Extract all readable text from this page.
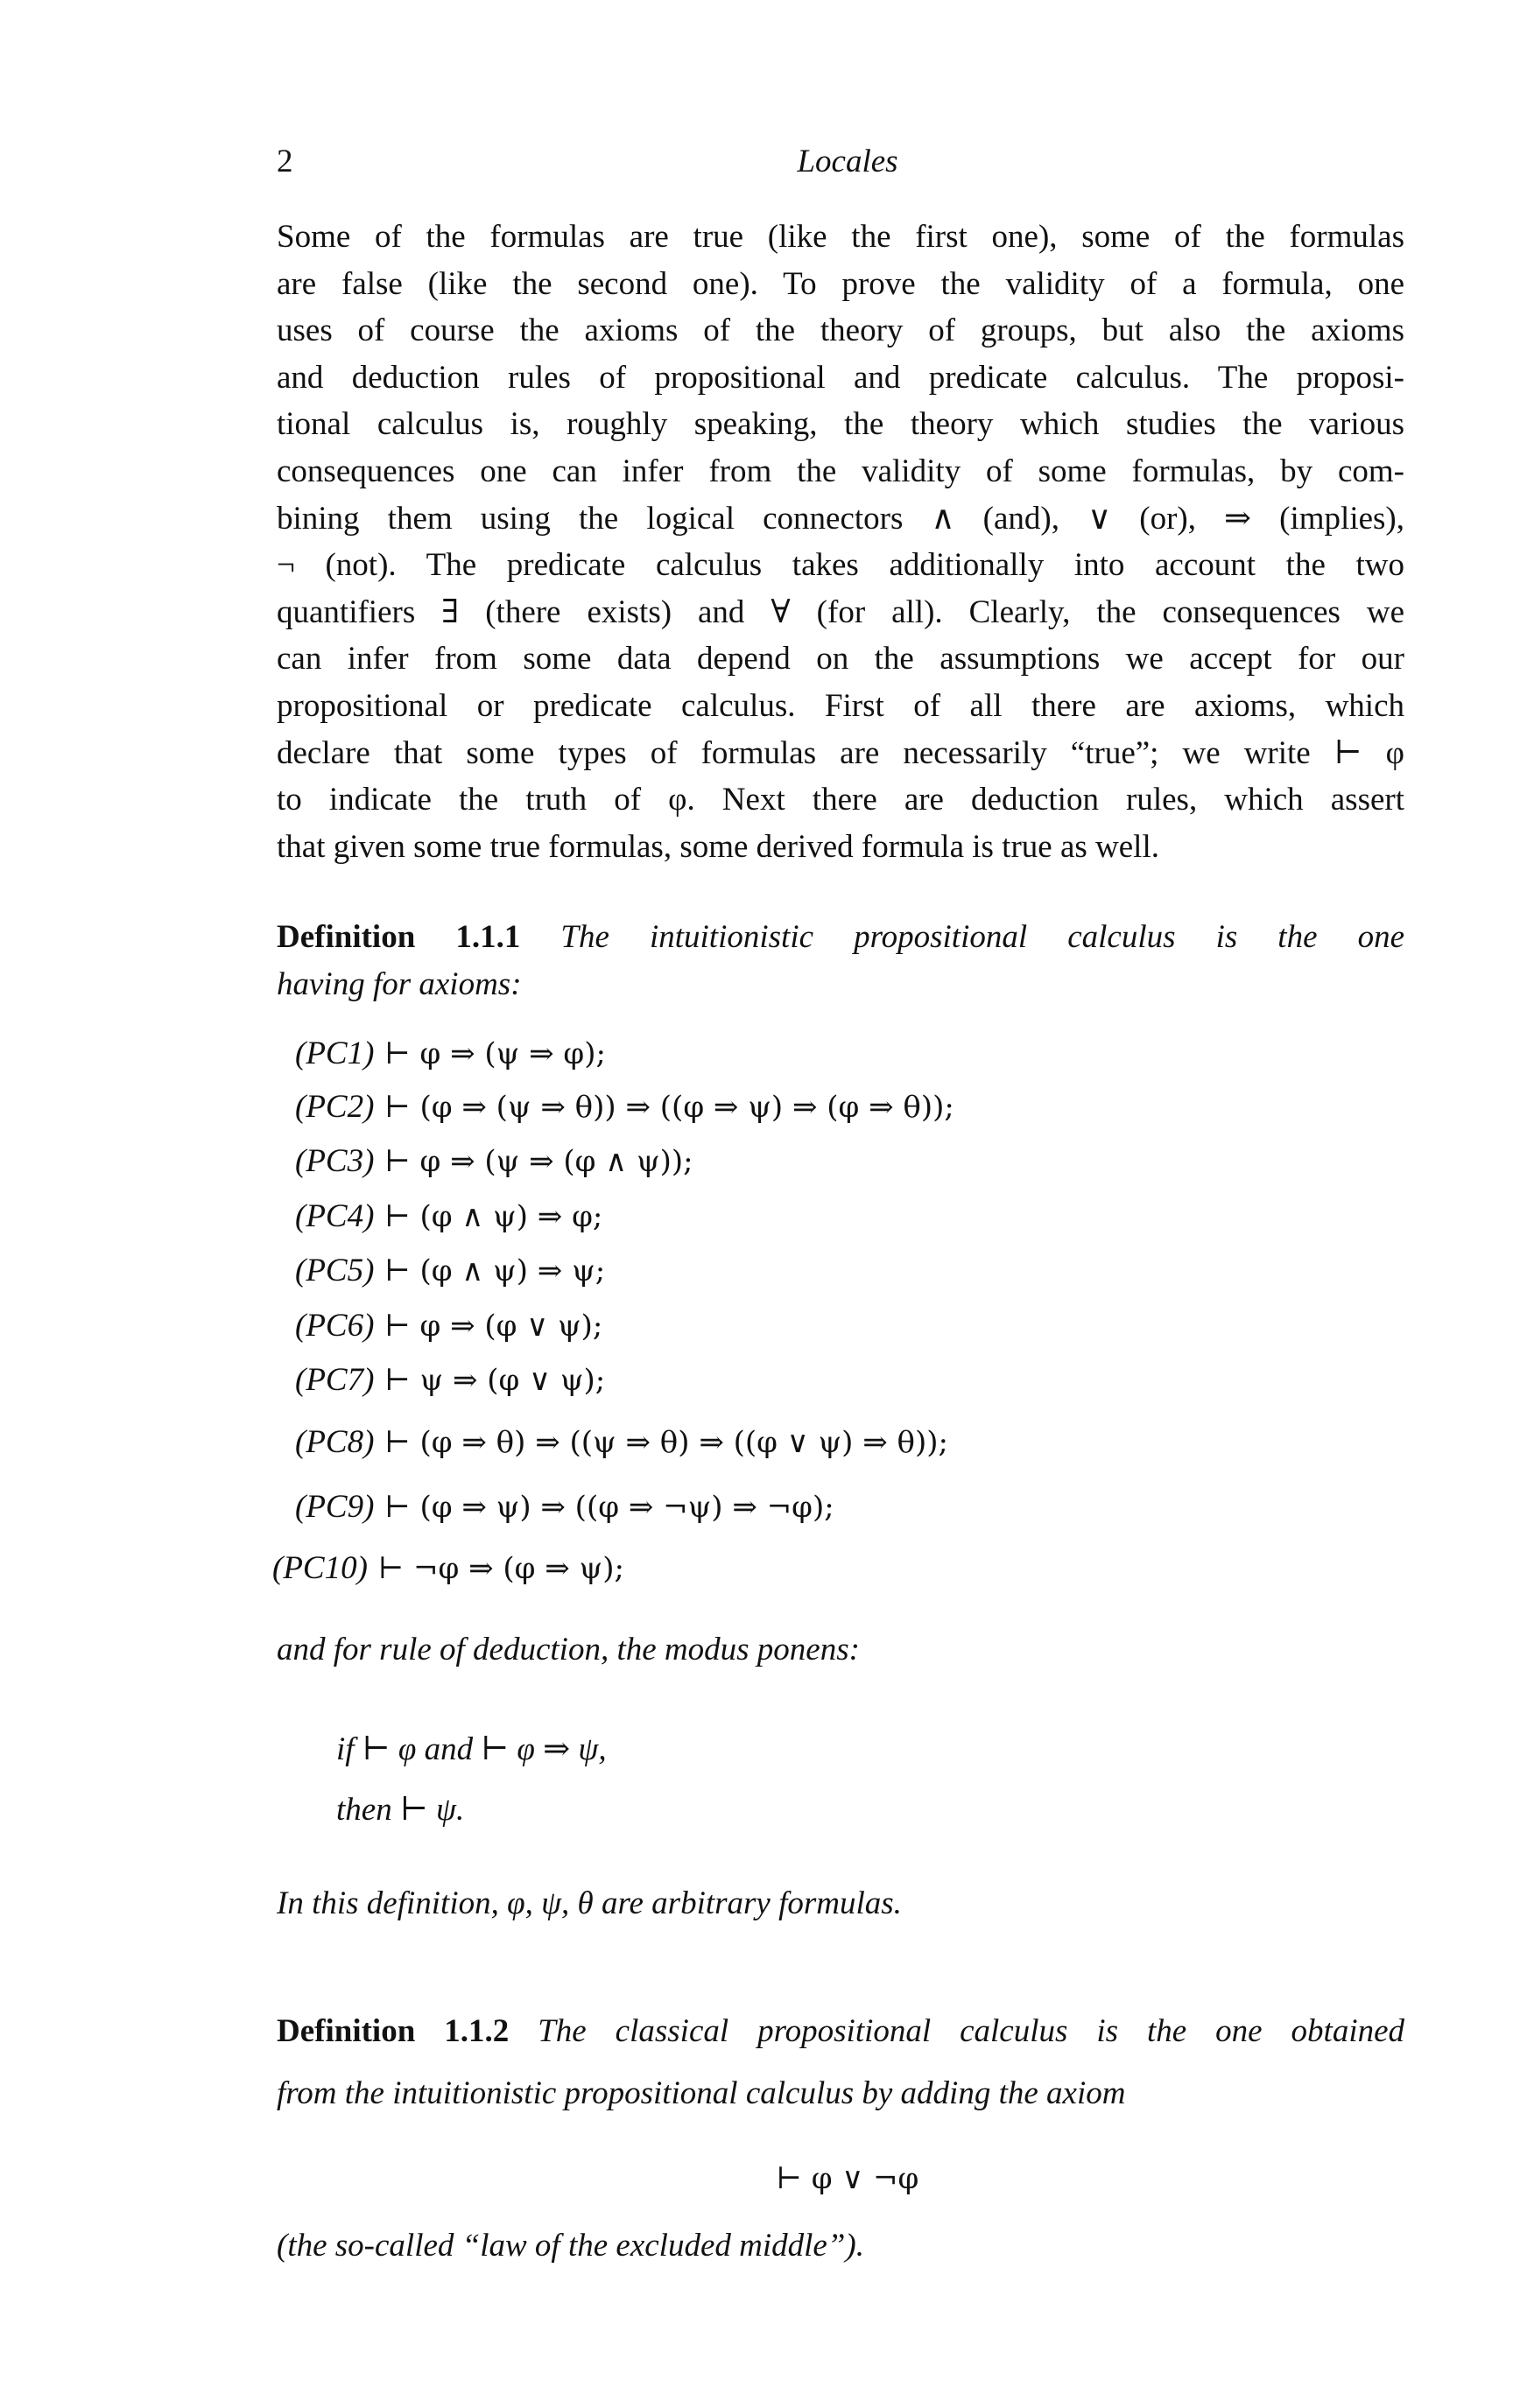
2	Locales
Some of the formulas are true (like the first one), some of the formulas
are false (like the second one). To prove the validity of a formula, one
uses of course the axioms of the theory of groups, but also the axioms
and deduction rules of propositional and predicate calculus. The proposi-
tional calculus is, roughly speaking, the theory which studies the various
consequences one can infer from the validity of some formulas, by com-
bining them using the logical connectors ∧ (and), ∨ (or), ⇒ (implies),
¬ (not). The predicate calculus takes additionally into account the two
quantifiers ∃ (there exists) and ∀ (for all). Clearly, the consequences we
can infer from some data depend on the assumptions we accept for our
propositional or predicate calculus. First of all there are axioms, which
declare that some types of formulas are necessarily “true”; we write ⊢ φ
to indicate the truth of φ. Next there are deduction rules, which assert
that given some true formulas, some derived formula is true as well.
Definition 1.1.1 The intuitionistic propositional calculus is the one
having for axioms:
(PC1) ⊢ φ ⇒ (ψ ⇒ φ);
(PC2) ⊢ (φ ⇒ (ψ ⇒ θ)) ⇒ ((φ ⇒ ψ) ⇒ (φ ⇒ θ));
(PC3) ⊢ φ ⇒ (ψ ⇒ (φ ∧ ψ));
(PC4) ⊢ (φ ∧ ψ) ⇒ φ;
(PC5) ⊢ (φ ∧ ψ) ⇒ ψ;
(PC6) ⊢ φ ⇒ (φ ∨ ψ);
(PC7) ⊢ ψ ⇒ (φ ∨ ψ);
(PC8) ⊢ (φ ⇒ θ) ⇒ ((ψ ⇒ θ) ⇒ ((φ ∨ ψ) ⇒ θ));
(PC9) ⊢ (φ ⇒ ψ) ⇒ ((φ ⇒ ¬ψ) ⇒ ¬φ);
(PC10) ⊢ ¬φ ⇒ (φ ⇒ ψ);
and for rule of deduction, the modus ponens:
if ⊢ φ and ⊢ φ ⇒ ψ,
then ⊢ ψ.
In this definition, φ, ψ, θ are arbitrary formulas.
Definition 1.1.2 The classical propositional calculus is the one obtained
from the intuitionistic propositional calculus by adding the axiom
⊢ φ ∨ ¬φ
(the so-called “law of the excluded middle”).
